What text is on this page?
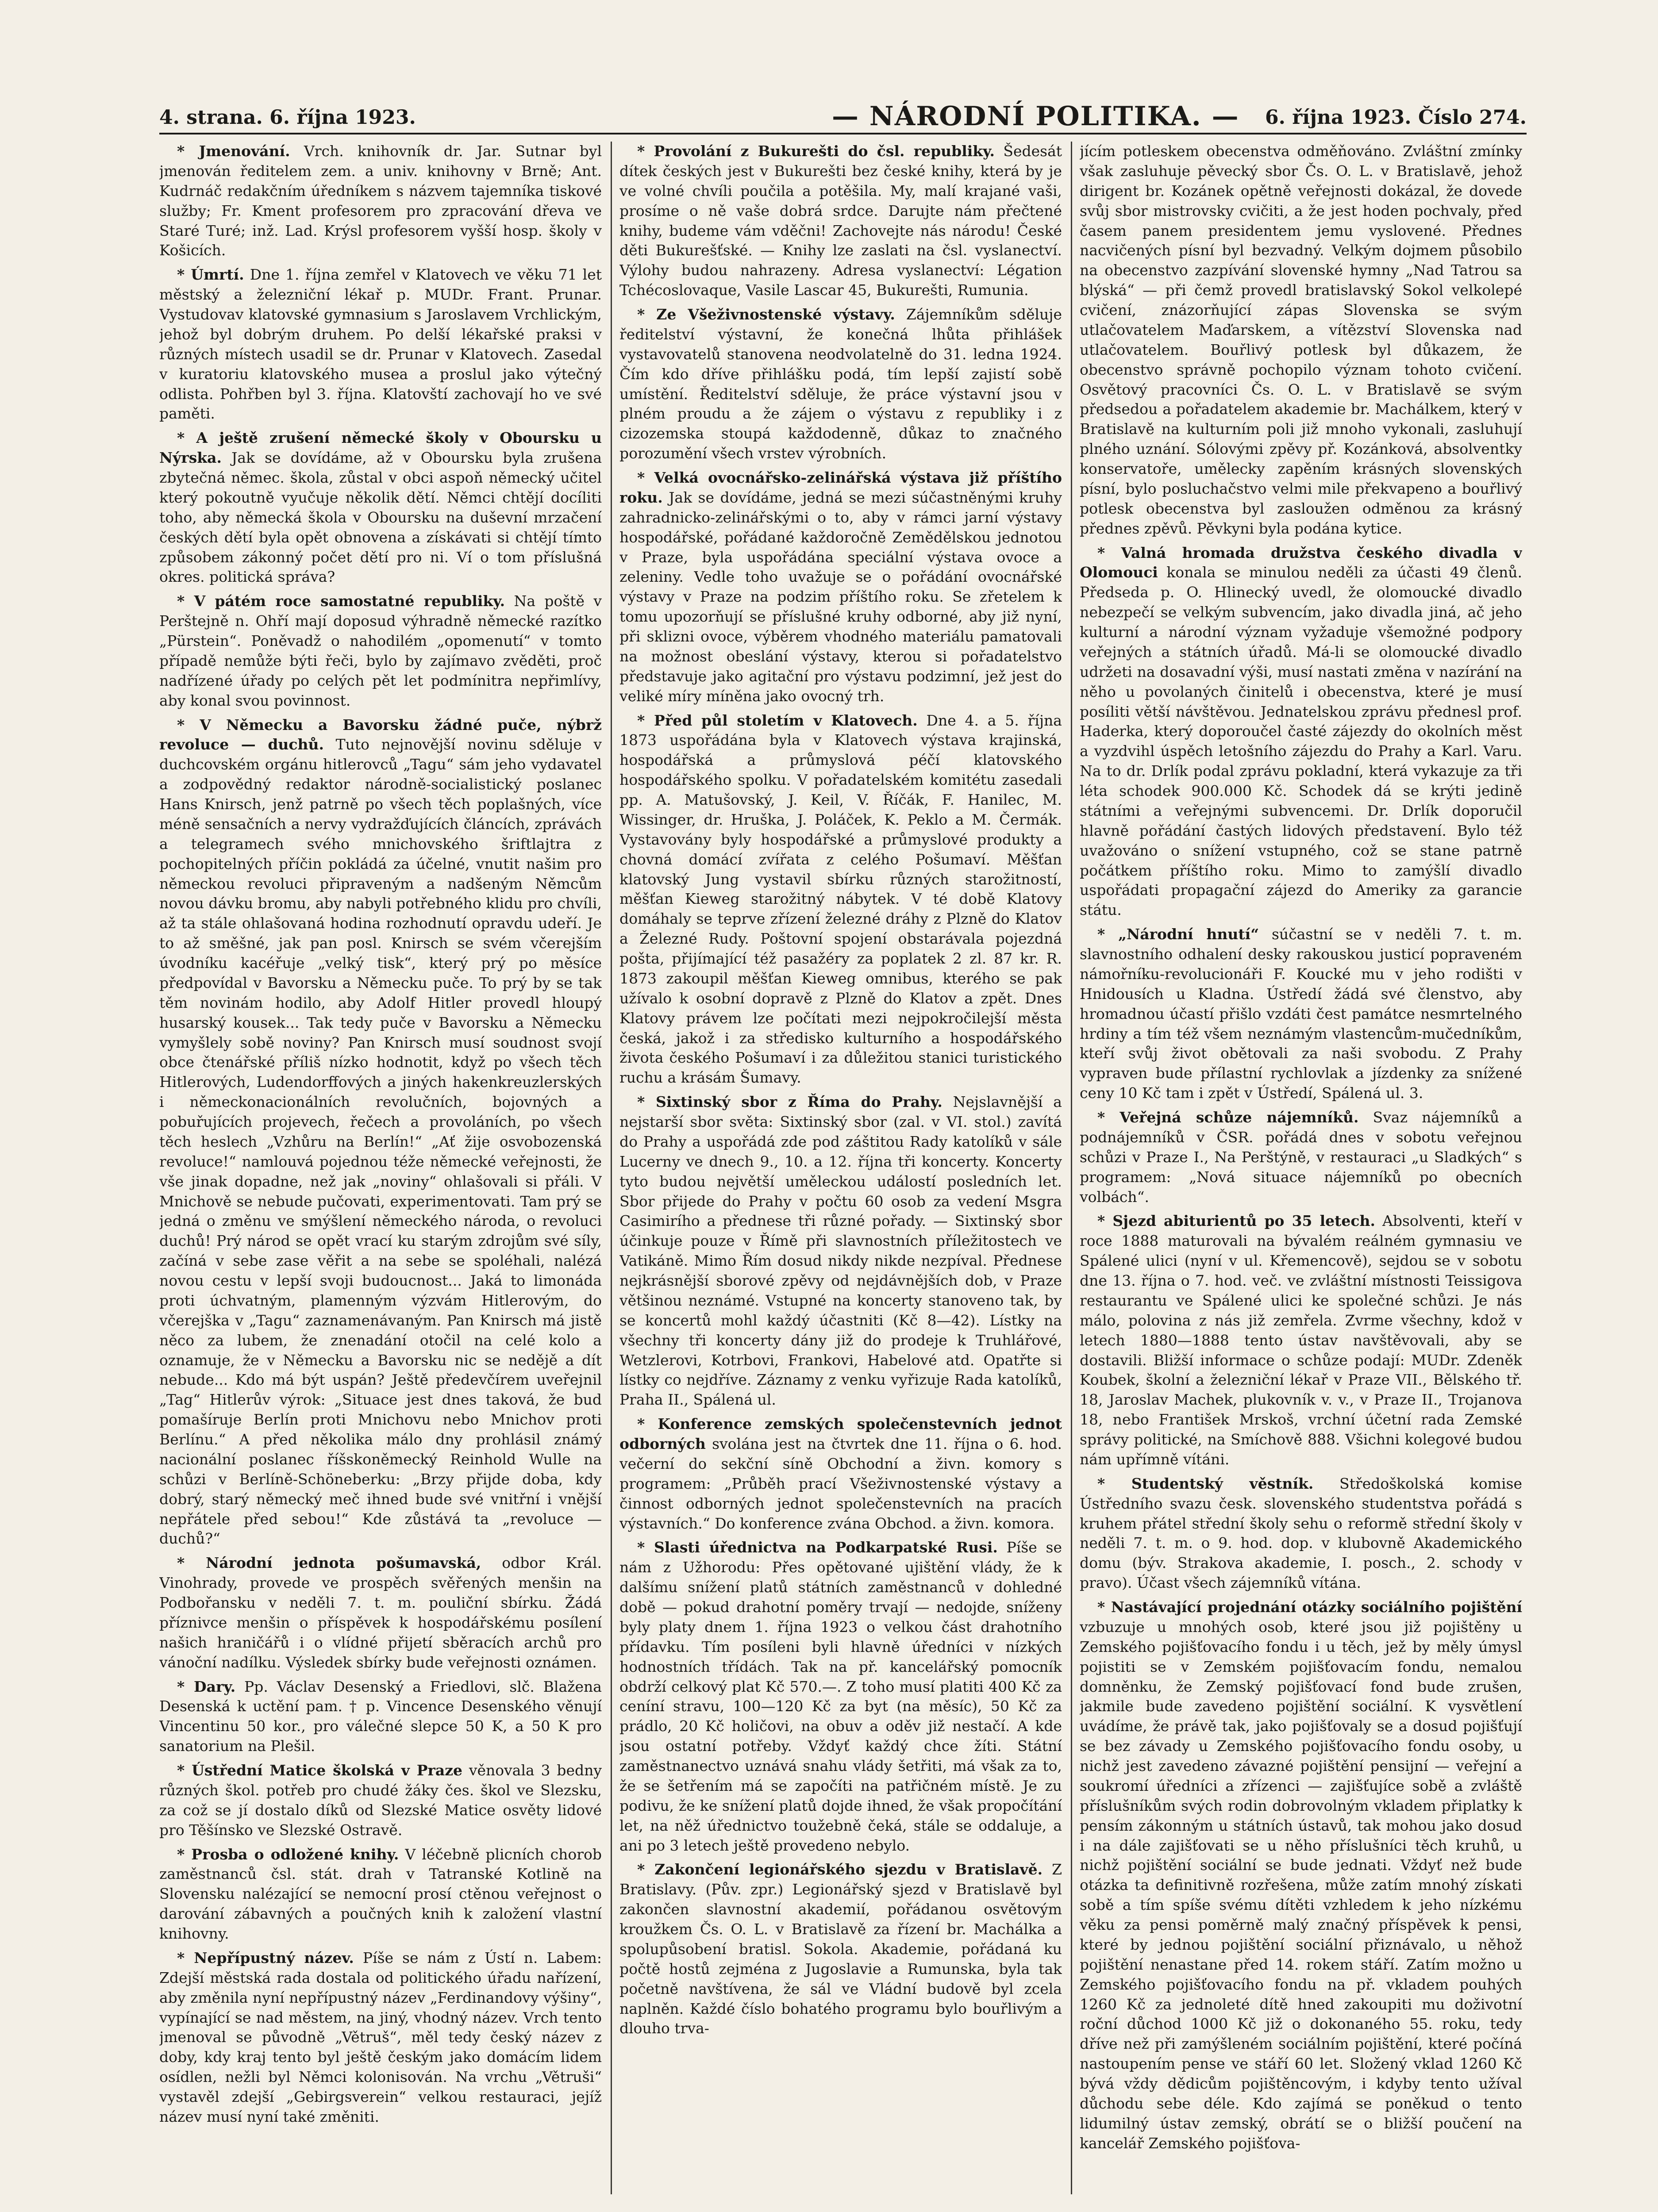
4. strana. 6. října 1923.	— NÁRODNÍ POLITIKA. — 6. října 1923. Číslo 274.

* Jmenování. Vrch. knihovník dr. Jar. Sutnar byl jmenován ředitelem zem. a univ. knihovny v Brně; Ant. Kudrnáč redakčním úředníkem s názvem tajemníka tiskové služby; Fr. Kment profesorem pro zpracování dřeva ve Staré Turé; inž. Lad. Krýsl profesorem vyšší hosp. školy v Košicích.

* Úmrtí. Dne 1. října zemřel v Klatovech ve věku 71 let městský a železniční lékař p. MUDr. Frant. Prunar. Vystudovav klatovské gymnasium s Jaroslavem Vrchlickým, jehož byl dobrým druhem. Po delší lékařské praksi v různých místech usadil se dr. Prunar v Klatovech. Zasedal v kuratoriu klatovského musea a proslul jako výtečný odlista. Pohřben byl 3. října. Klatovští zachovají ho ve své paměti.

* A ještě zrušení německé školy v Oboursku u Nýrska. Jak se dovídáme, až v Oboursku byla zrušena zbytečná němec. škola, zůstal v obci aspoň německý učitel který pokoutně vyučuje několik dětí. Němci chtějí docíliti toho, aby německá škola v Oboursku na duševní mrzačení českých dětí byla opět obnovena a získávati si chtějí tímto způsobem zákonný počet dětí pro ni. Ví o tom příslušná okres. politická správa?

* V pátém roce samostatné republiky. Na poště v Perštejně n. Ohří mají doposud výhradně německé razítko „Pürstein“. Poněvadž o nahodilém „opomenutí“ v tomto případě nemůže býti řeči, bylo by zajímavo zvěděti, proč nadřízené úřady po celých pět let podmínitra nepřimlívy, aby konal svou povinnost.

* V Německu a Bavorsku žádné puče, nýbrž revoluce — duchů. Tuto nejnovější novinu sděluje v duchcovském orgánu hitlerovců „Tagu“ sám jeho vydavatel a zodpovědný redaktor národně-socialistický poslanec Hans Knirsch, jenž patrně po všech těch poplašných, více méně sensačních a nervy vydražďujících článcích, zprávách a telegramech svého mnichovského šriftlajtra z pochopitelných příčin pokládá za účelné, vnutit našim pro německou revoluci připraveným a nadšeným Němcům novou dávku bromu, aby nabyli potřebného klidu pro chvíli, až ta stále ohlašovaná hodina rozhodnutí opravdu udeří. Je to až směšné, jak pan posl. Knirsch se svém včerejším úvodníku kacéřuje „velký tisk“, který prý po měsíce předpovídal v Bavorsku a Německu puče. To prý by se tak těm novinám hodilo, aby Adolf Hitler provedl hloupý husarský kousek... Tak tedy puče v Bavorsku a Německu vymyšlely sobě noviny? Pan Knirsch musí soudnost svojí obce čtenářské příliš nízko hodnotit, když po všech těch Hitlerových, Ludendorffových a jiných hakenkreuzlerských i německonacionálních revolučních, bojovných a pobuřujících projevech, řečech a provoláních, po všech těch heslech „Vzhůru na Berlín!“ „Ať žije osvobozenská revoluce!“ namlouvá pojednou téže německé veřejnosti, že vše jinak dopadne, než jak „noviny“ ohlašovali si přáli. V Mnichově se nebude pučovati, experimentovati. Tam prý se jedná o změnu ve smýšlení německého národa, o revoluci duchů! Prý národ se opět vrací ku starým zdrojům své síly, začíná v sebe zase věřit a na sebe se spoléhali, nalézá novou cestu v lepší svoji budoucnost... Jaká to limonáda proti úchvatným, plamenným výzvám Hitlerovým, do včerejška v „Tagu“ zaznamenávaným. Pan Knirsch má jistě něco za lubem, že znenadání otočil na celé kolo a oznamuje, že v Německu a Bavorsku nic se nedějě a dít nebude... Kdo má být uspán? Ještě předevčírem uveřejnil „Tag“ Hitlerův výrok: „Situace jest dnes taková, že bud pomašíruje Berlín proti Mnichovu nebo Mnichov proti Berlínu.“ A před několika málo dny prohlásil známý nacionální poslanec říšskoněmecký Reinhold Wulle na schůzi v Berlíně-Schöneberku: „Brzy přijde doba, kdy dobrý, starý německý meč ihned bude své vnitřní i vnější nepřátele před sebou!“ Kde zůstává ta „revoluce — duchů?“

* Národní jednota pošumavská, odbor Král. Vinohrady, provede ve prospěch svěřených menšin na Podbořansku v neděli 7. t. m. pouliční sbírku. Žádá příznivce menšin o příspěvek k hospodářskému posílení našich hraničářů i o vlídné přijetí sběracích archů pro vánoční nadílku. Výsledek sbírky bude veřejnosti oznámen.

* Dary. Pp. Václav Desenský a Friedlovi, slč. Blažena Desenská k uctění pam. † p. Vincence Desenského věnují Vincentinu 50 kor., pro válečné slepce 50 K, a 50 K pro sanatorium na Plešil.

* Ústřední Matice školská v Praze věnovala 3 bedny různých škol. potřeb pro chudé žáky čes. škol ve Slezsku, za což se jí dostalo díků od Slezské Matice osvěty lidové pro Těšínsko ve Slezské Ostravě.

* Prosba o odložené knihy. V léčebně plicních chorob zaměstnanců čsl. stát. drah v Tatranské Kotlině na Slovensku nalézající se nemocní prosí ctěnou veřejnost o darování zábavných a poučných knih k založení vlastní knihovny.

* Nepřípustný název. Píše se nám z Ústí n. Labem: Zdejší městská rada dostala od politického úřadu nařízení, aby změnila nyní nepřípustný název „Ferdinandovy výšiny“, vypínající se nad městem, na jiný, vhodný název. Vrch tento jmenoval se původně „Větruš“, měl tedy český název z doby, kdy kraj tento byl ještě českým jako domácím lidem osídlen, nežli byl Němci kolonisován. Na vrchu „Větruši“ vystavěl zdejší „Gebirgsverein“ velkou restauraci, jejíž název musí nyní také změniti.

* Provolání z Bukurešti do čsl. republiky. Šedesát dítek českých jest v Bukurešti bez české knihy, která by je ve volné chvíli poučila a potěšila. My, malí krajané vaši, prosíme o ně vaše dobrá srdce. Darujte nám přečtené knihy, budeme vám vděčni! Zachovejte nás národu! České děti Bukurešťské. — Knihy lze zaslati na čsl. vyslanectví. Výlohy budou nahrazeny. Adresa vyslanectví: Légation Tchécoslovaque, Vasile Lascar 45, Bukurešti, Rumunia.

* Ze Všeživnostenské výstavy. Zájemníkům sděluje ředitelství výstavní, že konečná lhůta přihlášek vystavovatelů stanovena neodvolatelně do 31. ledna 1924. Čím kdo dříve přihlášku podá, tím lepší zajistí sobě umístění. Ředitelství sděluje, že práce výstavní jsou v plném proudu a že zájem o výstavu z republiky i z cizozemska stoupá každodenně, důkaz to značného porozumění všech vrstev výrobních.

* Velká ovocnářsko-zelinářská výstava již příštího roku. Jak se dovídáme, jedná se mezi súčastněnými kruhy zahradnicko-zelinářskými o to, aby v rámci jarní výstavy hospodářské, pořádané každoročně Zemědělskou jednotou v Praze, byla uspořádána speciální výstava ovoce a zeleniny. Vedle toho uvažuje se o pořádání ovocnářské výstavy v Praze na podzim příštího roku. Se zřetelem k tomu upozorňují se příslušné kruhy odborné, aby již nyní, při sklizni ovoce, výběrem vhodného materiálu pamatovali na možnost obeslání výstavy, kterou si pořadatelstvo představuje jako agitační pro výstavu podzimní, jež jest do veliké míry míněna jako ovocný trh.

* Před půl stoletím v Klatovech. Dne 4. a 5. října 1873 uspořádána byla v Klatovech výstava krajinská, hospodářská a průmyslová péčí klatovského hospodářského spolku. V pořadatelském komitétu zasedali pp. A. Matušovský, J. Keil, V. Říčák, F. Hanilec, M. Wissinger, dr. Hruška, J. Poláček, K. Peklo a M. Čermák. Vystavovány byly hospodářské a průmyslové produkty a chovná domácí zvířata z celého Pošumaví. Měšťan klatovský Jung vystavil sbírku různých starožitností, měšťan Kieweg starožitný nábytek. V té době Klatovy domáhaly se teprve zřízení železné dráhy z Plzně do Klatov a Železné Rudy. Poštovní spojení obstarávala pojezdná pošta, přijímající též pasažéry za poplatek 2 zl. 87 kr. R. 1873 zakoupil měšťan Kieweg omnibus, kterého se pak užívalo k osobní dopravě z Plzně do Klatov a zpět. Dnes Klatovy právem lze počítati mezi nejpokročilejší města česká, jakož i za středisko kulturního a hospodářského života českého Pošumaví i za důležitou stanici turistického ruchu a krásám Šumavy.

* Sixtinský sbor z Říma do Prahy. Nejslavnější a nejstarší sbor světa: Sixtinský sbor (zal. v VI. stol.) zavítá do Prahy a uspořádá zde pod záštitou Rady katolíků v sále Lucerny ve dnech 9., 10. a 12. října tři koncerty. Koncerty tyto budou největší uměleckou událostí posledních let. Sbor přijede do Prahy v počtu 60 osob za vedení Msgra Casimirího a přednese tři různé pořady. — Sixtinský sbor účinkuje pouze v Římě při slavnostních příležitostech ve Vatikáně. Mimo Řím dosud nikdy nikde nezpíval. Přednese nejkrásnější sborové zpěvy od nejdávnějších dob, v Praze většinou neznámé. Vstupné na koncerty stanoveno tak, by se koncertů mohl každý účastniti (Kč 8—42). Lístky na všechny tři koncerty dány již do prodeje k Truhlářové, Wetzlerovi, Kotrbovi, Frankovi, Habelové atd. Opatřte si lístky co nejdříve. Záznamy z venku vyřizuje Rada katolíků, Praha II., Spálená ul.

* Konference zemských společenstevních jednot odborných svolána jest na čtvrtek dne 11. října o 6. hod. večerní do sekční síně Obchodní a živn. komory s programem: „Průběh prací Všeživnostenské výstavy a činnost odborných jednot společenstevních na pracích výstavních.“ Do konference zvána Obchod. a živn. komora.

* Slasti úřednictva na Podkarpatské Rusi. Píše se nám z Užhorodu: Přes opětované ujištění vlády, že k dalšímu snížení platů státních zaměstnanců v dohledné době — pokud drahotní poměry trvají — nedojde, sníženy byly platy dnem 1. října 1923 o velkou část drahotního přídavku. Tím posíleni byli hlavně úředníci v nízkých hodnostních třídách. Tak na př. kancelářský pomocník obdrží celkový plat Kč 570.—. Z toho musí platiti 400 Kč za ceníní stravu, 100—120 Kč za byt (na měsíc), 50 Kč za prádlo, 20 Kč holičovi, na obuv a oděv již nestačí. A kde jsou ostatní potřeby. Vždyť každý chce žíti. Státní zaměstnanectvo uznává snahu vlády šetřiti, má však za to, že se šetřením má se započíti na patřičném místě. Je zu podivu, že ke snížení platů dojde ihned, že však propočítání let, na něž úřednictvo toužebně čeká, stále se oddaluje, a ani po 3 letech ještě provedeno nebylo.

* Zakončení legionářského sjezdu v Bratislavě. Z Bratislavy. (Pův. zpr.) Legionářský sjezd v Bratislavě byl zakončen slavnostní akademií, pořádanou osvětovým kroužkem Čs. O. L. v Bratislavě za řízení br. Machálka a spolupůsobení bratisl. Sokola. Akademie, pořádaná ku počtě hostů zejména z Jugoslavie a Rumunska, byla tak početně navštívena, že sál ve Vládní budově byl zcela naplněn. Každé číslo bohatého programu bylo bouřlivým a dlouho trva-

jícím potleskem obecenstva odměňováno. Zvláštní zmínky však zasluhuje pěvecký sbor Čs. O. L. v Bratislavě, jehož dirigent br. Kozánek opětně veřejnosti dokázal, že dovede svůj sbor mistrovsky cvičiti, a že jest hoden pochvaly, před časem panem presidentem jemu vyslovené. Přednes nacvičených písní byl bezvadný. Velkým dojmem působilo na obecenstvo zazpívání slovenské hymny „Nad Tatrou sa blýská“ — při čemž provedl bratislavský Sokol velkolepé cvičení, znázorňující zápas Slovenska se svým utlačovatelem Maďarskem, a vítězství Slovenska nad utlačovatelem. Bouřlivý potlesk byl důkazem, že obecenstvo správně pochopilo význam tohoto cvičení. Osvětový pracovníci Čs. O. L. v Bratislavě se svým předsedou a pořadatelem akademie br. Machálkem, který v Bratislavě na kulturním poli již mnoho vykonali, zasluhují plného uznání. Sólovými zpěvy př. Kozánková, absolventky konservatoře, umělecky zapěním krásných slovenských písní, bylo posluchačstvo velmi mile překvapeno a bouřlivý potlesk obecenstva byl zasloužen odměnou za krásný přednes zpěvů. Pěvkyni byla podána kytice.

* Valná hromada družstva českého divadla v Olomouci konala se minulou neděli za účasti 49 členů. Předseda p. O. Hlinecký uvedl, že olomoucké divadlo nebezpečí se velkým subvencím, jako divadla jiná, ač jeho kulturní a národní význam vyžaduje všemožné podpory veřejných a státních úřadů. Má-li se olomoucké divadlo udržeti na dosavadní výši, musí nastati změna v nazírání na něho u povolaných činitelů i obecenstva, které je musí posíliti větší návštěvou. Jednatelskou zprávu přednesl prof. Haderka, který doporoučel časté zájezdy do okolních měst a vyzdvihl úspěch letošního zájezdu do Prahy a Karl. Varu. Na to dr. Drlík podal zprávu pokladní, která vykazuje za tři léta schodek 900.000 Kč. Schodek dá se krýti jedině státními a veřejnými subvencemi. Dr. Drlík doporučil hlavně pořádání častých lidových představení. Bylo též uvažováno o snížení vstupného, což se stane patrně počátkem příštího roku. Mimo to zamýšlí divadlo uspořádati propagační zájezd do Ameriky za garancie státu.

* „Národní hnutí“ súčastní se v neděli 7. t. m. slavnostního odhalení desky rakouskou justicí popraveném námořníku-revolucionáři F. Koucké mu v jeho rodišti v Hnidousích u Kladna. Ústředí žádá své členstvo, aby hromadnou účastí přišlo vzdáti čest památce nesmrtelného hrdiny a tím též všem neznámým vlastencům-mučedníkům, kteří svůj život obětovali za naši svobodu. Z Prahy vypraven bude přílastní rychlovlak a jízdenky za snížené ceny 10 Kč tam i zpět v Ústředí, Spálená ul. 3.

* Veřejná schůze nájemníků. Svaz nájemníků a podnájemníků v ČSR. pořádá dnes v sobotu veřejnou schůzi v Praze I., Na Perštýně, v restauraci „u Sladkých“ s programem: „Nová situace nájemníků po obecních volbách“.

* Sjezd abiturientů po 35 letech. Absolventi, kteří v roce 1888 maturovali na bývalém reálném gymnasiu ve Spálené ulici (nyní v ul. Křemencově), sejdou se v sobotu dne 13. října o 7. hod. več. ve zvláštní místnosti Teissigova restaurantu ve Spálené ulici ke společné schůzi. Je nás málo, polovina z nás již zemřela. Zvrme všechny, kdož v letech 1880—1888 tento ústav navštěvovali, aby se dostavili. Bližší informace o schůze podají: MUDr. Zdeněk Koubek, školní a železniční lékař v Praze VII., Bělského tř. 18, Jaroslav Machek, plukovník v. v., v Praze II., Trojanova 18, nebo František Mrskoš, vrchní účetní rada Zemské správy politické, na Smíchově 888. Všichni kolegové budou nám upřímně vítáni.

* Studentský věstník. Středoškolská komise Ústředního svazu česk. slovenského studentstva pořádá s kruhem přátel střední školy sehu o reformě střední školy v neděli 7. t. m. o 9. hod. dop. v klubovně Akademického domu (býv. Strakova akademie, I. posch., 2. schody v pravo). Účast všech zájemníků vítána.

* Nastávající projednání otázky sociálního pojištění vzbuzuje u mnohých osob, které jsou již pojištěny u Zemského pojišťovacího fondu i u těch, jež by měly úmysl pojistiti se v Zemském pojišťovacím fondu, nemalou domněnku, že Zemský pojišťovací fond bude zrušen, jakmile bude zavedeno pojištění sociální. K vysvětlení uvádíme, že právě tak, jako pojišťovaly se a dosud pojišťují se bez závady u Zemského pojišťovacího fondu osoby, u nichž jest zavedeno závazné pojištění pensijní — veřejní a soukromí úředníci a zřízenci — zajišťujíce sobě a zvláště příslušníkům svých rodin dobrovolným vkladem připlatky k pensím zákonným u státních ústavů, tak mohou jako dosud i na dále zajišťovati se u něho příslušníci těch kruhů, u nichž pojištění sociální se bude jednati. Vždyť než bude otázka ta definitivně rozřešena, může zatím mnohý získati sobě a tím spíše svému dítěti vzhledem k jeho nízkému věku za pensi poměrně malý značný příspěvek k pensi, které by jednou pojištění sociální přiznávalo, u něhož pojištění nenastane před 14. rokem stáří. Zatím možno u Zemského pojišťovacího fondu na př. vkladem pouhých 1260 Kč za jednoleté dítě hned zakoupiti mu doživotní roční důchod 1000 Kč již o dokonaného 55. roku, tedy dříve než při zamýšleném sociálním pojištění, které počíná nastoupením pense ve stáří 60 let. Složený vklad 1260 Kč bývá vždy dědicům pojištěncovým, i kdyby tento užíval důchodu sebe déle. Kdo zajímá se poněkud o tento lidumilný ústav zemský, obrátí se o bližší poučení na kancelář Zemského pojišťova-
